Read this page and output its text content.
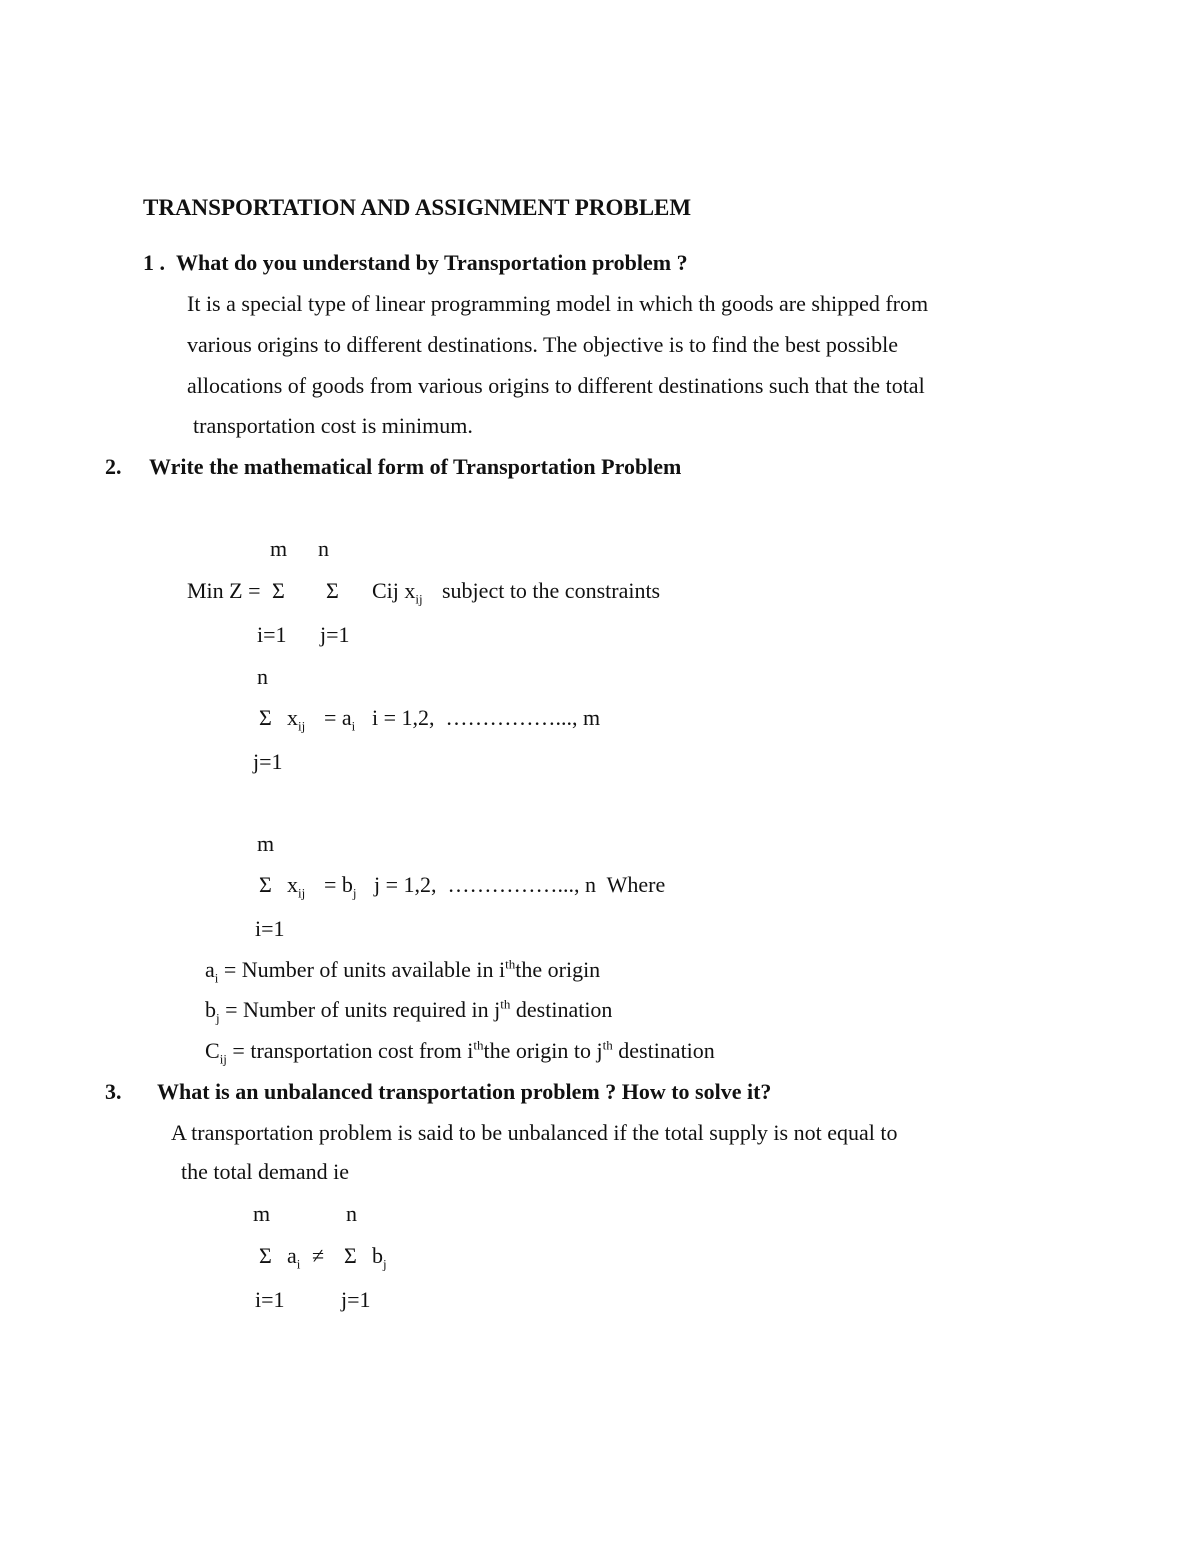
TRANSPORTATION AND ASSIGNMENT PROBLEM
1 . What do you understand by Transportation problem ?
It is a special type of linear programming model in which th goods are shipped from
various origins to different destinations. The objective is to find the best possible
allocations of goods from various origins to different destinations such that the total
transportation cost is minimum.
2. Write the mathematical form of Transportation Problem
m n
Min Z = Σ Σ Cij $x_{ij}$ subject to the constraints
i=1 j=1
n
Σ $x_{ij} = a_i$ i = 1,2,  ……………..., m
j=1
m
Σ $x_{ij} = b_j$ j = 1,2,  ……………..., n  Where
i=1
$a_i$ = Number of units available in $i^{th}the$ origin
$b_j$ = Number of units required in $j^{th}$ destination
$C_{ij}$ = transportation cost from $i^{th}the$ origin to $j^{th}$ destination
3. What is an unbalanced transportation problem ? How to solve it?
A transportation problem is said to be unbalanced if the total supply is not equal to
the total demand ie
m	n
Σ $a_i \ne \Sigma$ $b_j$
i=1	j=1
